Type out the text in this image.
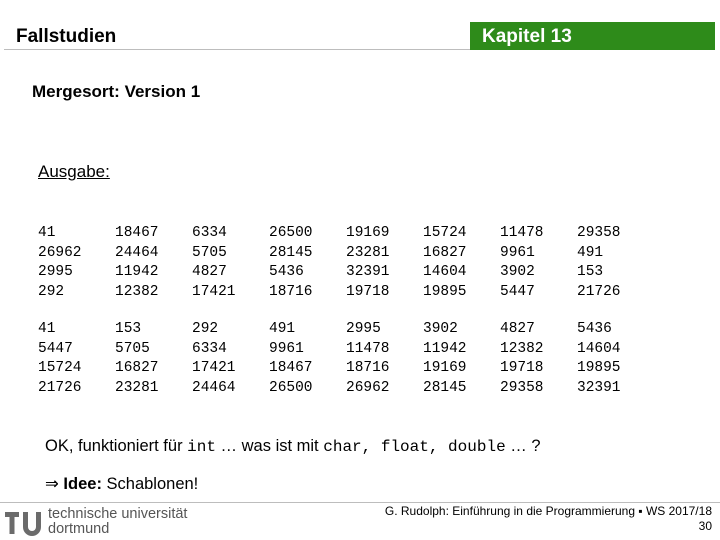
Fallstudien	Kapitel 13
Mergesort: Version 1
Ausgabe:
41
26962
2995
292
18467
24464
11942
12382
6334
5705
4827
17421
26500
28145
5436
18716
19169
23281
32391
19718
15724
16827
14604
19895
11478
9961
3902
5447
29358
491
153
21726
41
5447
15724
21726
153
5705
16827
23281
292
6334
17421
24464
491
9961
18467
26500
2995
11478
18716
26962
3902
11942
19169
28145
4827
12382
19718
29358
5436
14604
19895
32391
OK, funktioniert für int … was ist mit char, float, double … ?
⇒ Idee: Schablonen!
technische universität
dortmund
G. Rudolph: Einführung in die Programmierung ▪ WS 2017/18
30
